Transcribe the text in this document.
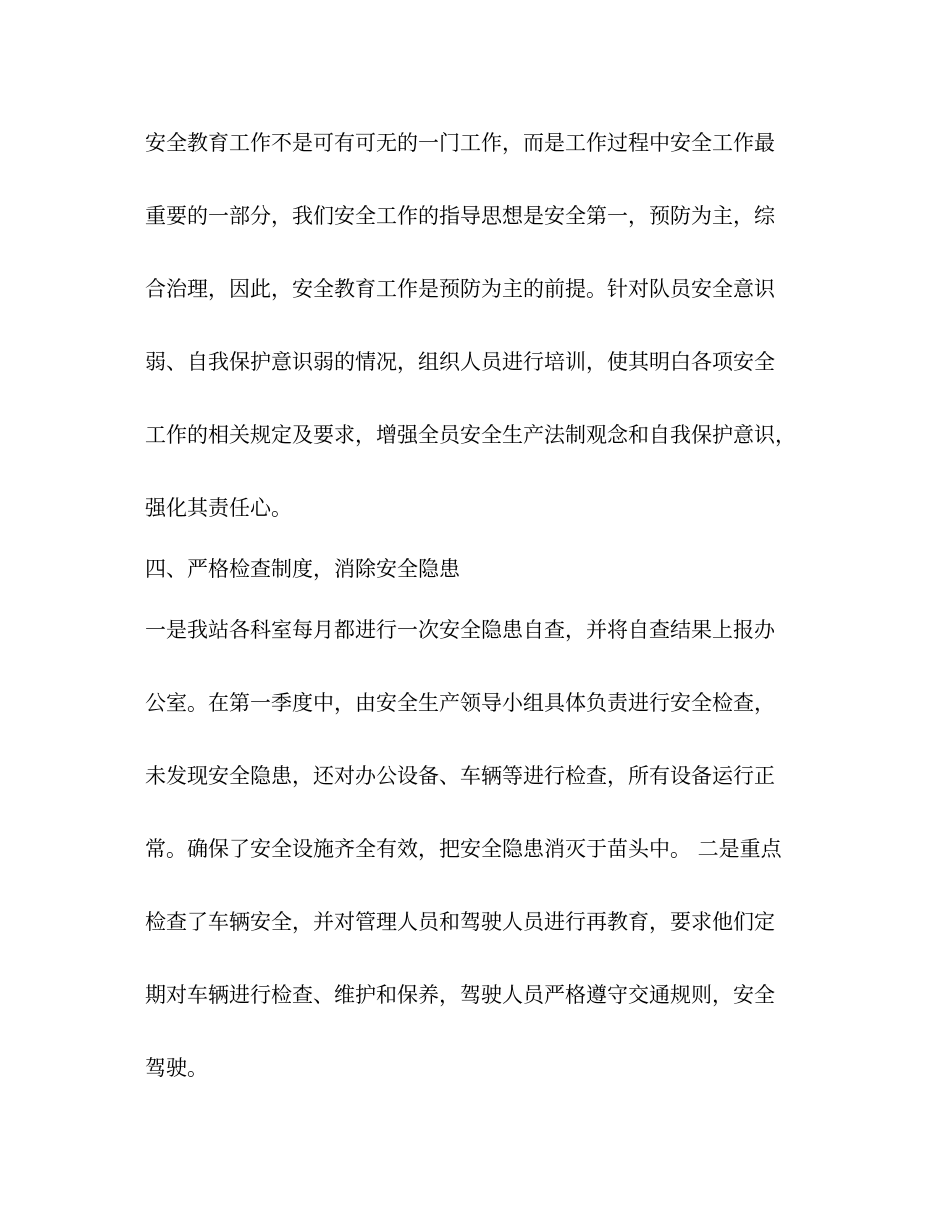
安全教育工作不是可有可无的一门工作，而是工作过程中安全工作最
重要的一部分，我们安全工作的指导思想是安全第一，预防为主，综
合治理，因此，安全教育工作是预防为主的前提。针对队员安全意识
弱、自我保护意识弱的情况，组织人员进行培训，使其明白各项安全
工作的相关规定及要求，增强全员安全生产法制观念和自我保护意识，
强化其责任心。
四、严格检查制度，消除安全隐患
一是我站各科室每月都进行一次安全隐患自查，并将自查结果上报办
公室。在第一季度中，由安全生产领导小组具体负责进行安全检查，
未发现安全隐患，还对办公设备、车辆等进行检查，所有设备运行正
常。确保了安全设施齐全有效，把安全隐患消灭于苗头中。 二是重点
检查了车辆安全，并对管理人员和驾驶人员进行再教育，要求他们定
期对车辆进行检查、维护和保养，驾驶人员严格遵守交通规则，安全
驾驶。
